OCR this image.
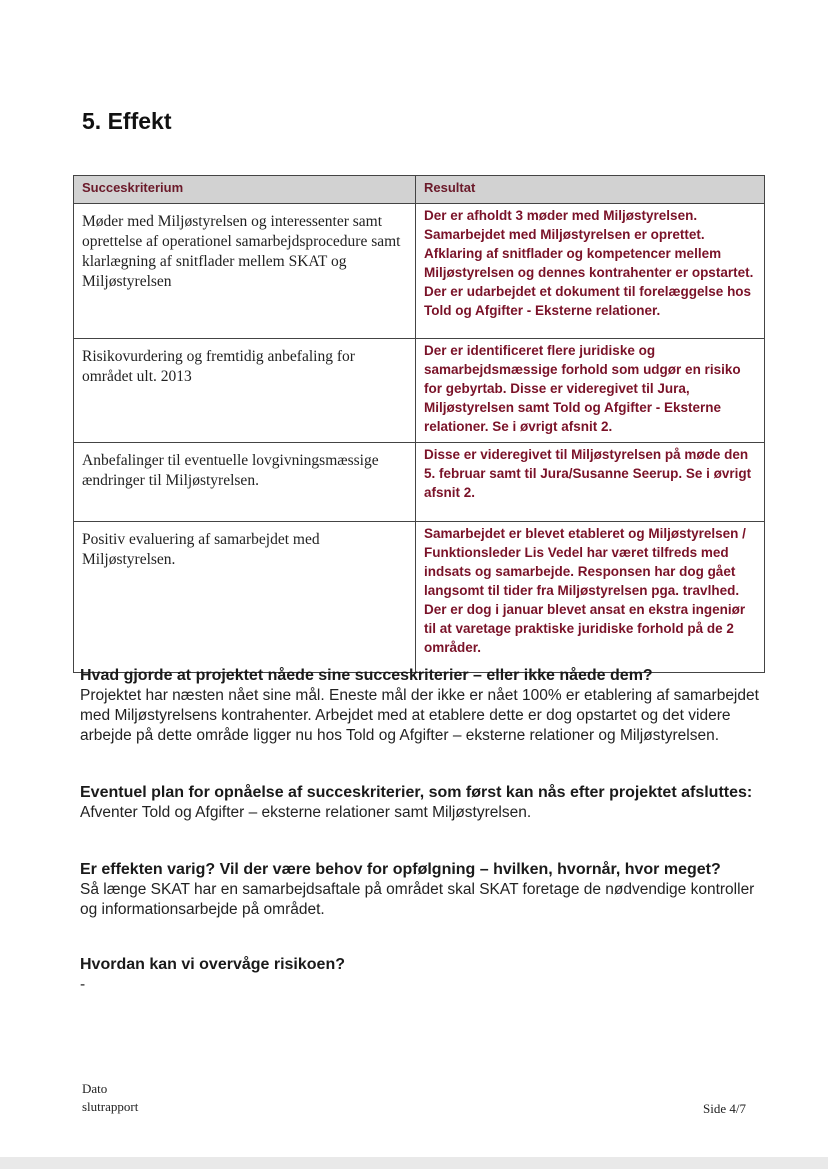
5. Effekt
Succeskriterium	Resultat
Møder med Miljøstyrelsen og interessenter samt oprettelse af operationel samarbejdsprocedure samt klarlægning af snitflader mellem SKAT og Miljøstyrelsen	Der er afholdt 3 møder med Miljøstyrelsen. Samarbejdet med Miljøstyrelsen er oprettet. Afklaring af snitflader og kompetencer mellem Miljøstyrelsen og dennes kontrahenter er opstartet. Der er udarbejdet et dokument til forelæggelse hos Told og Afgifter - Eksterne relationer.
Risikovurdering og fremtidig anbefaling for området ult. 2013	Der er identificeret flere juridiske og samarbejdsmæssige forhold som udgør en risiko for gebyrtab. Disse er videregivet til Jura, Miljøstyrelsen samt Told og Afgifter - Eksterne relationer. Se i øvrigt afsnit 2.
Anbefalinger til eventuelle lovgivningsmæssige ændringer til Miljøstyrelsen.	Disse er videregivet til Miljøstyrelsen på møde den 5. februar samt til Jura/Susanne Seerup. Se i øvrigt afsnit 2.
Positiv evaluering af samarbejdet med Miljøstyrelsen.	Samarbejdet er blevet etableret og Miljøstyrelsen / Funktionsleder Lis Vedel har været tilfreds med indsats og samarbejde. Responsen har dog gået langsomt til tider fra Miljøstyrelsen pga. travlhed. Der er dog i januar blevet ansat en ekstra ingeniør til at varetage praktiske juridiske forhold på de 2 områder.
Hvad gjorde at projektet nåede sine succeskriterier – eller ikke nåede dem?
Projektet har næsten nået sine mål. Eneste mål der ikke er nået 100% er etablering af samarbejdet med Miljøstyrelsens kontrahenter. Arbejdet med at etablere dette er dog opstartet og det videre arbejde på dette område ligger nu hos Told og Afgifter – eksterne relationer og Miljøstyrelsen.
Eventuel plan for opnåelse af succeskriterier, som først kan nås efter projektet afsluttes:
Afventer Told og Afgifter – eksterne relationer samt Miljøstyrelsen.
Er effekten varig? Vil der være behov for opfølgning – hvilken, hvornår, hvor meget?
Så længe SKAT har en samarbejdsaftale på området skal SKAT foretage de nødvendige kontroller og informationsarbejde på området.
Hvordan kan vi overvåge risikoen?
-
Dato
slutrapport	Side 4/7
